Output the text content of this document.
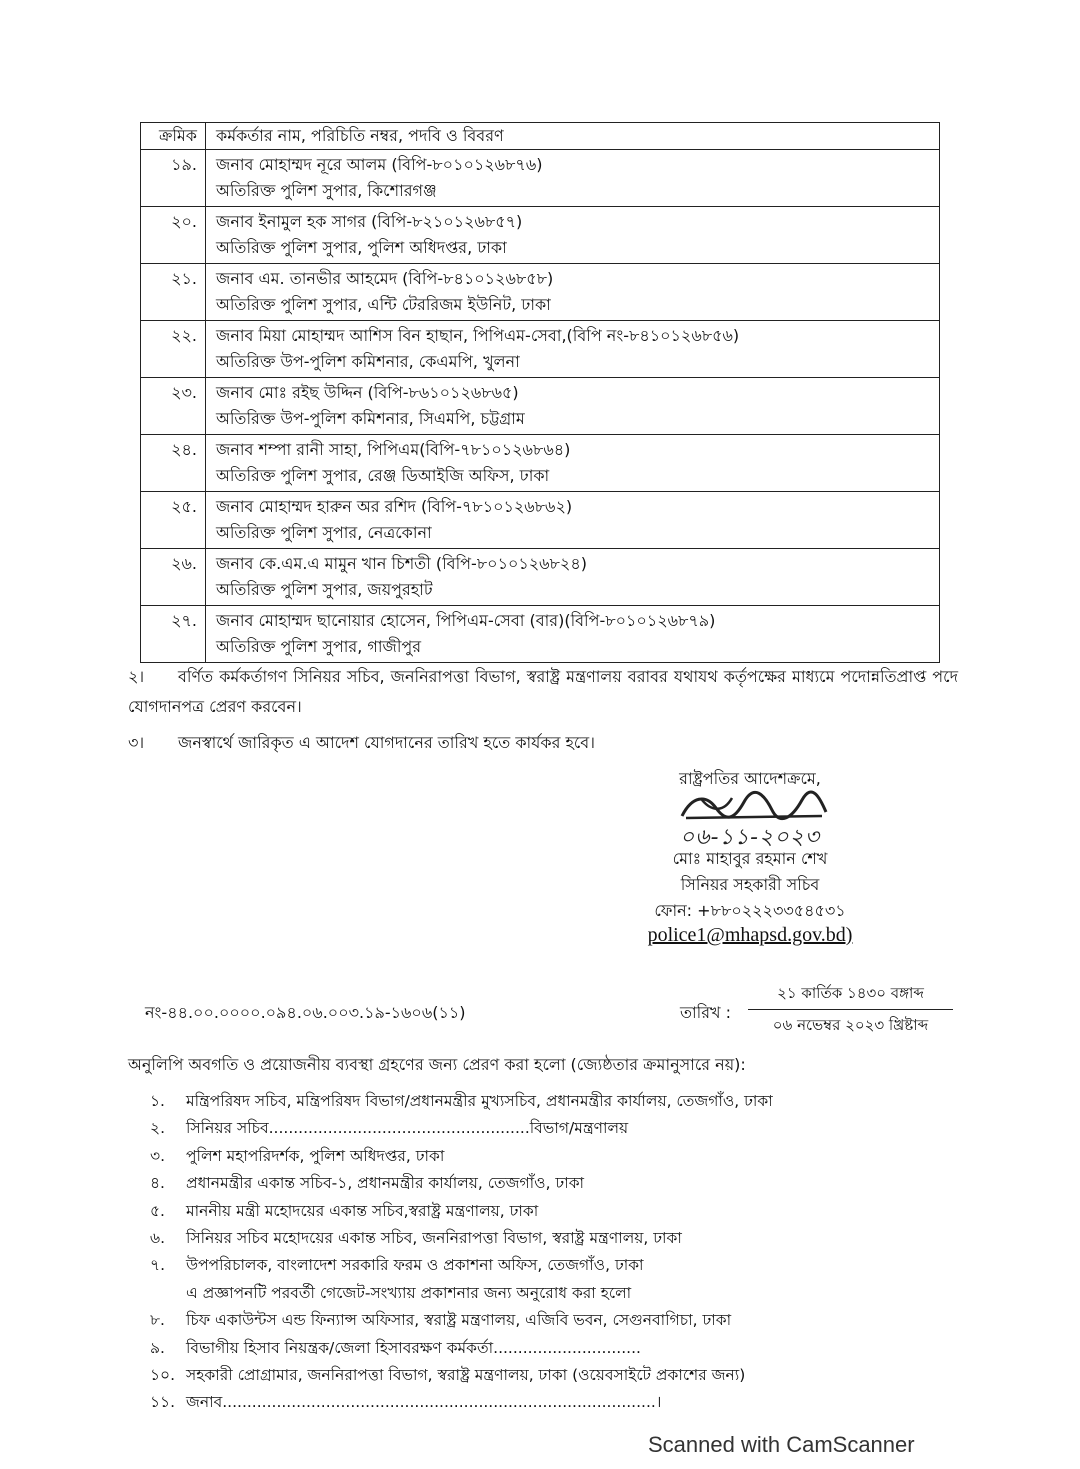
ক্রমিক	কর্মকর্তার নাম, পরিচিতি নম্বর, পদবি ও বিবরণ
১৯.	জনাব মোহাম্মদ নূরে আলম (বিপি-৮০১০১২৬৮৭৬)
অতিরিক্ত পুলিশ সুপার, কিশোরগঞ্জ

২০.	জনাব ইনামুল হক সাগর (বিপি-৮২১০১২৬৮৫৭)
অতিরিক্ত পুলিশ সুপার, পুলিশ অধিদপ্তর, ঢাকা

২১.	জনাব এম. তানভীর আহমেদ (বিপি-৮৪১০১২৬৮৫৮)
অতিরিক্ত পুলিশ সুপার, এন্টি টেররিজম ইউনিট, ঢাকা

২২.	জনাব মিয়া মোহাম্মদ আশিস বিন হাছান, পিপিএম-সেবা,(বিপি নং-৮৪১০১২৬৮৫৬)
অতিরিক্ত উপ-পুলিশ কমিশনার, কেএমপি, খুলনা

২৩.	জনাব মোঃ রইছ উদ্দিন (বিপি-৮৬১০১২৬৮৬৫)
অতিরিক্ত উপ-পুলিশ কমিশনার, সিএমপি, চট্টগ্রাম

২৪.	জনাব শম্পা রানী সাহা, পিপিএম(বিপি-৭৮১০১২৬৮৬৪)
অতিরিক্ত পুলিশ সুপার, রেঞ্জ ডিআইজি অফিস, ঢাকা

২৫.	জনাব মোহাম্মদ হারুন অর রশিদ (বিপি-৭৮১০১২৬৮৬২)
অতিরিক্ত পুলিশ সুপার, নেত্রকোনা

২৬.	জনাব কে.এম.এ মামুন খান চিশতী (বিপি-৮০১০১২৬৮২৪)
অতিরিক্ত পুলিশ সুপার, জয়পুরহাট

২৭.	জনাব মোহাম্মদ ছানোয়ার হোসেন, পিপিএম-সেবা (বার)(বিপি-৮০১০১২৬৮৭৯)
অতিরিক্ত পুলিশ সুপার, গাজীপুর
২। বর্ণিত কর্মকর্তাগণ সিনিয়র সচিব, জননিরাপত্তা বিভাগ, স্বরাষ্ট্র মন্ত্রণালয় বরাবর যথাযথ কর্তৃপক্ষের মাধ্যমে পদোন্নতিপ্রাপ্ত পদে যোগদানপত্র প্রেরণ করবেন।
৩। জনস্বার্থে জারিকৃত এ আদেশ যোগদানের তারিখ হতে কার্যকর হবে।
রাষ্ট্রপতির আদেশক্রমে,
০৬-১১-২০২৩
মোঃ মাহাবুর রহমান শেখ
সিনিয়র সহকারী সচিব
ফোন: +৮৮০২২২৩৩৫৪৫৩১
police1@mhapsd.gov.bd)
নং-৪৪.০০.০০০০.০৯৪.০৬.০০৩.১৯-১৬০৬(১১)	তারিখ :
২১ কার্তিক ১৪৩০ বঙ্গাব্দ
০৬ নভেম্বর ২০২৩ খ্রিষ্টাব্দ
অনুলিপি অবগতি ও প্রয়োজনীয় ব্যবস্থা গ্রহণের জন্য প্রেরণ করা হলো (জ্যেষ্ঠতার ক্রমানুসারে নয়):
১. মন্ত্রিপরিষদ সচিব, মন্ত্রিপরিষদ বিভাগ/প্রধানমন্ত্রীর মুখ্যসচিব, প্রধানমন্ত্রীর কার্যালয়, তেজগাঁও, ঢাকা
২. সিনিয়র সচিব.....................................................বিভাগ/মন্ত্রণালয়
৩. পুলিশ মহাপরিদর্শক, পুলিশ অধিদপ্তর, ঢাকা
৪. প্রধানমন্ত্রীর একান্ত সচিব-১, প্রধানমন্ত্রীর কার্যালয়, তেজগাঁও, ঢাকা
৫. মাননীয় মন্ত্রী মহোদয়ের একান্ত সচিব,স্বরাষ্ট্র মন্ত্রণালয়, ঢাকা
৬. সিনিয়র সচিব মহোদয়ের একান্ত সচিব, জননিরাপত্তা বিভাগ, স্বরাষ্ট্র মন্ত্রণালয়, ঢাকা
৭. উপপরিচালক, বাংলাদেশ সরকারি ফরম ও প্রকাশনা অফিস, তেজগাঁও, ঢাকা
এ প্রজ্ঞাপনটি পরবর্তী গেজেট-সংখ্যায় প্রকাশনার জন্য অনুরোধ করা হলো
৮. চিফ একাউন্টস এন্ড ফিন্যান্স অফিসার, স্বরাষ্ট্র মন্ত্রণালয়, এজিবি ভবন, সেগুনবাগিচা, ঢাকা
৯. বিভাগীয় হিসাব নিয়ন্ত্রক/জেলা হিসাবরক্ষণ কর্মকর্তা..............................
১০. সহকারী প্রোগ্রামার, জননিরাপত্তা বিভাগ, স্বরাষ্ট্র মন্ত্রণালয়, ঢাকা (ওয়েবসাইটে প্রকাশের জন্য)
১১. জনাব........................................................................................।
Scanned with CamScanner
